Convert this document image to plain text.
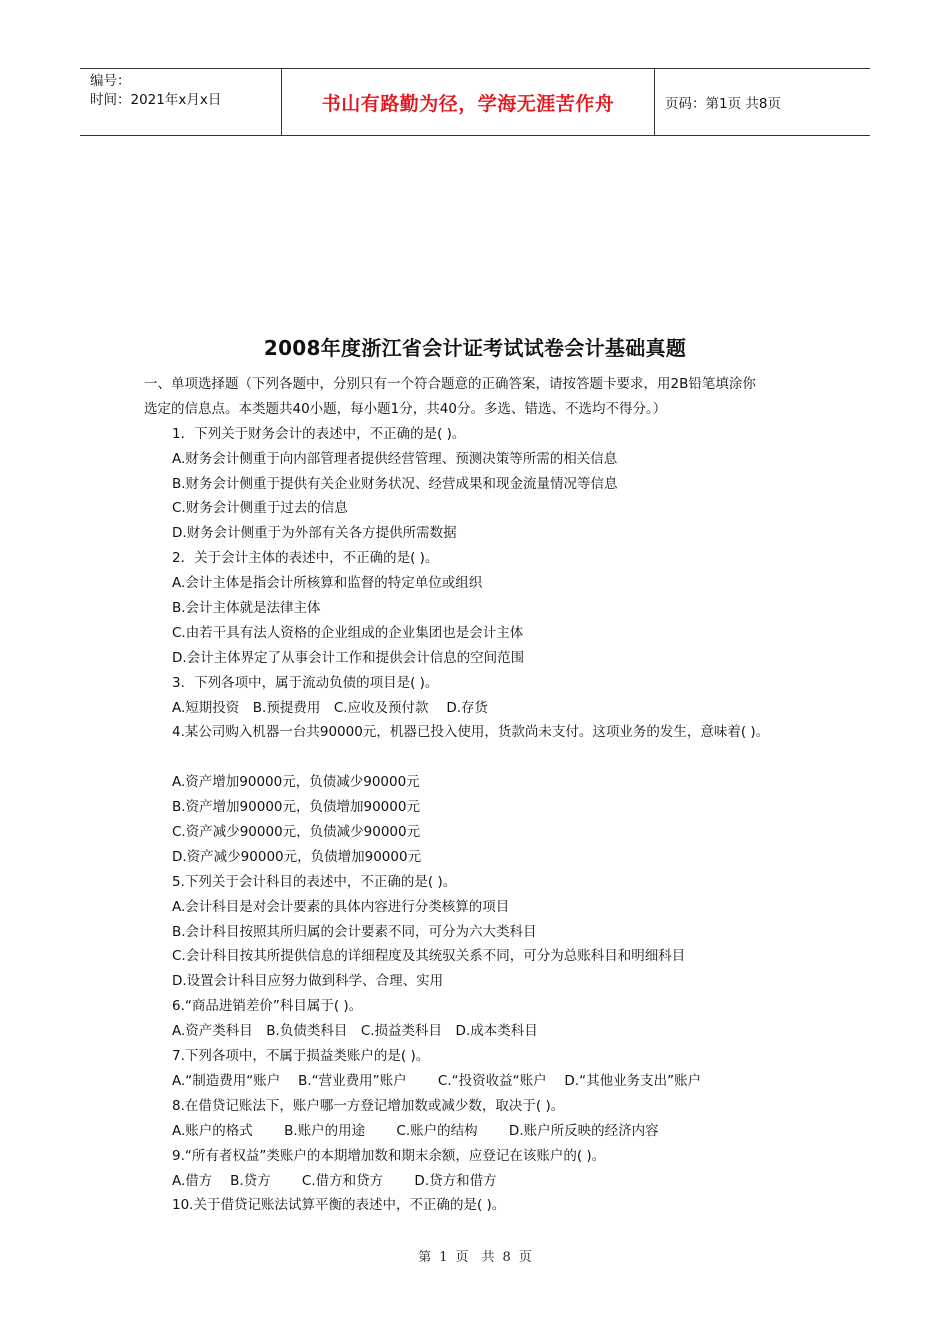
编号：
时间：2021年x月x日	书山有路勤为径，学海无涯苦作舟	页码：第1页 共8页
2008年度浙江省会计证考试试卷会计基础真题
一、单项选择题（下列各题中，分别只有一个符合题意的正确答案，请按答题卡要求，用2B铅笔填涂你
选定的信息点。本类题共40小题，每小题1分，共40分。多选、错选、不选均不得分。）
1．下列关于财务会计的表述中，不正确的是( )。
A.财务会计侧重于向内部管理者提供经营管理、预测决策等所需的相关信息
B.财务会计侧重于提供有关企业财务状况、经营成果和现金流量情况等信息
C.财务会计侧重于过去的信息
D.财务会计侧重于为外部有关各方提供所需数据
2．关于会计主体的表述中，不正确的是( )。
A.会计主体是指会计所核算和监督的特定单位或组织
B.会计主体就是法律主体
C.由若干具有法人资格的企业组成的企业集团也是会计主体
D.会计主体界定了从事会计工作和提供会计信息的空间范围
3．下列各项中，属于流动负债的项目是( )。
A.短期投资　B.预提费用　C.应收及预付款　 D.存货
4.某公司购入机器一台共90000元，机器已投入使用，货款尚未支付。这项业务的发生，意味着( )。
A.资产增加90000元，负债减少90000元
B.资产增加90000元，负债增加90000元
C.资产减少90000元，负债减少90000元
D.资产减少90000元，负债增加90000元
5.下列关于会计科目的表述中，不正确的是( )。
A.会计科目是对会计要素的具体内容进行分类核算的项目
B.会计科目按照其所归属的会计要素不同，可分为六大类科目
C.会计科目按其所提供信息的详细程度及其统驭关系不同，可分为总账科目和明细科目
D.设置会计科目应努力做到科学、合理、实用
6.“商品进销差价”科目属于( )。
A.资产类科目　B.负债类科目　C.损益类科目　D.成本类科目
7.下列各项中，不属于损益类账户的是( )。
A.“制造费用“账户　 B.“营业费用”账户　　 C.“投资收益“账户　 D.“其他业务支出”账户
8.在借贷记账法下，账户哪一方登记增加数或减少数，取决于( )。
A.账户的格式　　 B.账户的用途　　 C.账户的结构　　 D.账户所反映的经济内容
9.“所有者权益”类账户的本期增加数和期末余额，应登记在该账户的( )。
A.借方　 B.贷方　　 C.借方和贷方　　 D.贷方和借方
10.关于借贷记账法试算平衡的表述中，不正确的是( )。
第 1 页　共 8 页
